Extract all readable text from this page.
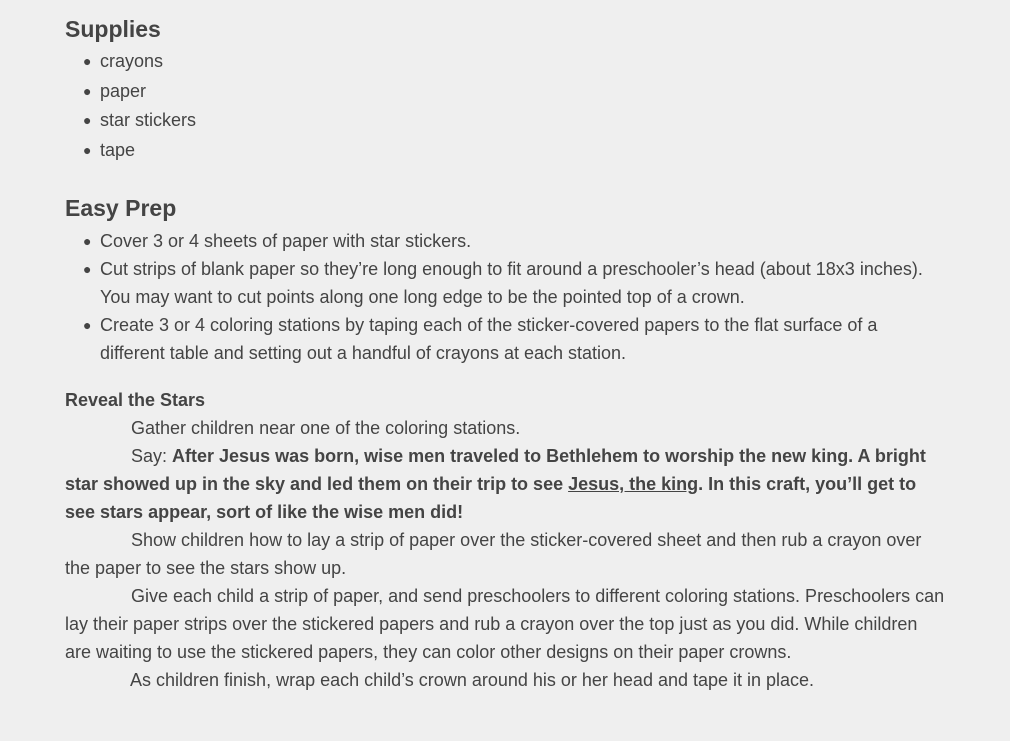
Supplies
● crayons
● paper
● star stickers
● tape
Easy Prep
● Cover 3 or 4 sheets of paper with star stickers.
● Cut strips of blank paper so they’re long enough to fit around a preschooler’s head (about 18x3 inches). You may want to cut points along one long edge to be the pointed top of a crown.
● Create 3 or 4 coloring stations by taping each of the sticker-covered papers to the flat surface of a different table and setting out a handful of crayons at each station.
Reveal the Stars

Gather children near one of the coloring stations.

Say: After Jesus was born, wise men traveled to Bethlehem to worship the new king. A bright star showed up in the sky and led them on their trip to see Jesus, the king. In this craft, you’ll get to see stars appear, sort of like the wise men did!

Show children how to lay a strip of paper over the sticker-covered sheet and then rub a crayon over the paper to see the stars show up.

Give each child a strip of paper, and send preschoolers to different coloring stations. Preschoolers can lay their paper strips over the stickered papers and rub a crayon over the top just as you did. While children are waiting to use the stickered papers, they can color other designs on their paper crowns.

As children finish, wrap each child’s crown around his or her head and tape it in place.
